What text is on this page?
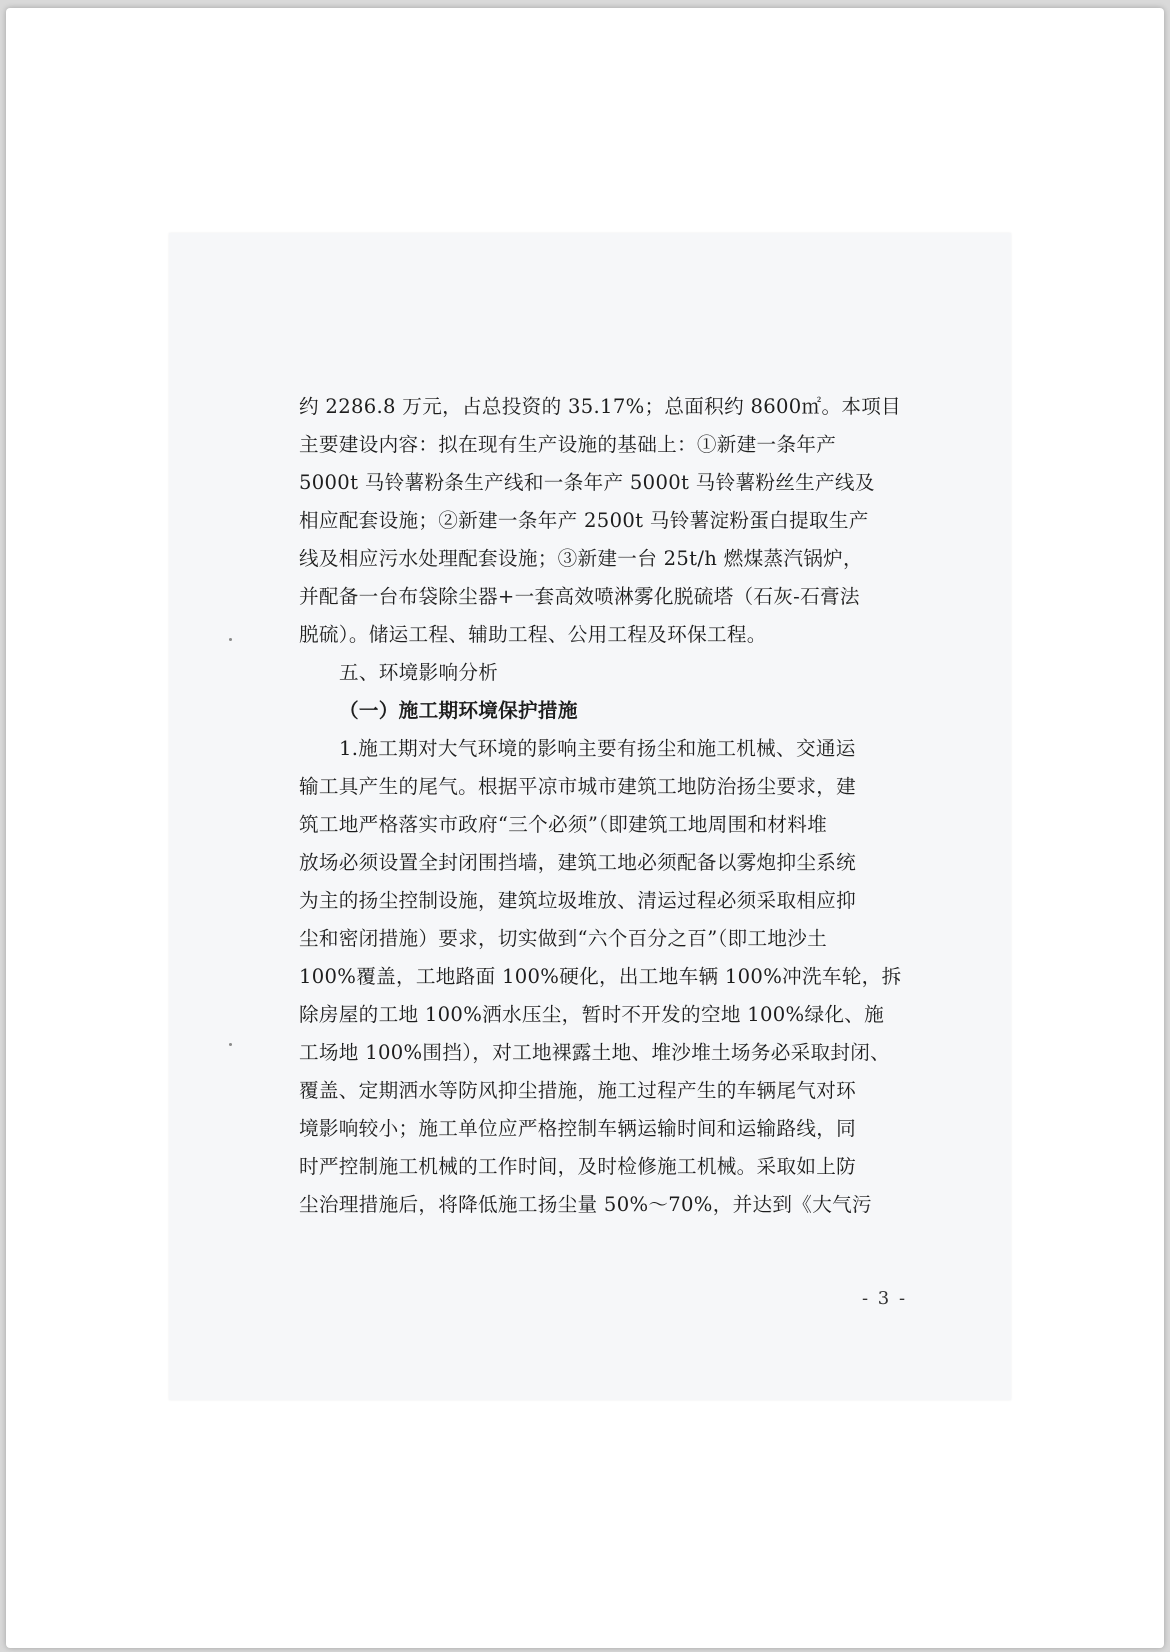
约 2286.8 万元，占总投资的 35.17%；总面积约 8600㎡。本项目
主要建设内容：拟在现有生产设施的基础上：①新建一条年产
5000t 马铃薯粉条生产线和一条年产 5000t 马铃薯粉丝生产线及
相应配套设施；②新建一条年产 2500t 马铃薯淀粉蛋白提取生产
线及相应污水处理配套设施；③新建一台 25t/h 燃煤蒸汽锅炉，
并配备一台布袋除尘器+一套高效喷淋雾化脱硫塔（石灰-石膏法
脱硫）。储运工程、辅助工程、公用工程及环保工程。
五、环境影响分析
（一）施工期环境保护措施
1.施工期对大气环境的影响主要有扬尘和施工机械、交通运
输工具产生的尾气。根据平凉市城市建筑工地防治扬尘要求，建
筑工地严格落实市政府“三个必须”（即建筑工地周围和材料堆
放场必须设置全封闭围挡墙，建筑工地必须配备以雾炮抑尘系统
为主的扬尘控制设施，建筑垃圾堆放、清运过程必须采取相应抑
尘和密闭措施）要求，切实做到“六个百分之百”（即工地沙土
100%覆盖，工地路面 100%硬化，出工地车辆 100%冲洗车轮，拆
除房屋的工地 100%洒水压尘，暂时不开发的空地 100%绿化、施
工场地 100%围挡），对工地裸露土地、堆沙堆土场务必采取封闭、
覆盖、定期洒水等防风抑尘措施，施工过程产生的车辆尾气对环
境影响较小；施工单位应严格控制车辆运输时间和运输路线，同
时严控制施工机械的工作时间，及时检修施工机械。采取如上防
尘治理措施后，将降低施工扬尘量 50%～70%，并达到《大气污
- 3 -
